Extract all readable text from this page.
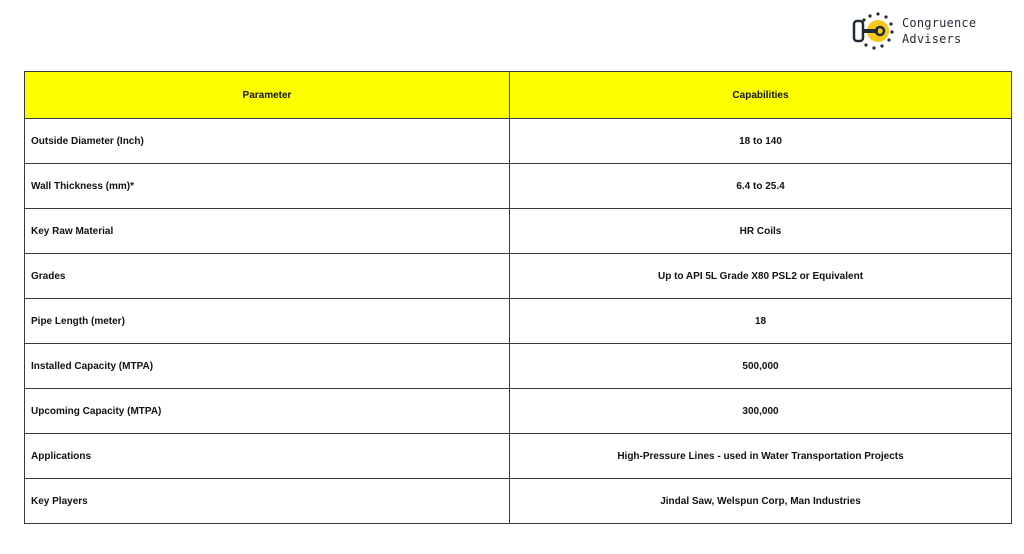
Congruence
Advisers
Parameter	Capabilities
Outside Diameter (Inch)	18 to 140
Wall Thickness (mm)*	6.4 to 25.4
Key Raw Material	HR Coils
Grades	Up to API 5L Grade X80 PSL2 or Equivalent
Pipe Length (meter)	18
Installed Capacity (MTPA)	500,000
Upcoming Capacity (MTPA)	300,000
Applications	High-Pressure Lines - used in Water Transportation Projects
Key Players	Jindal Saw, Welspun Corp, Man Industries
